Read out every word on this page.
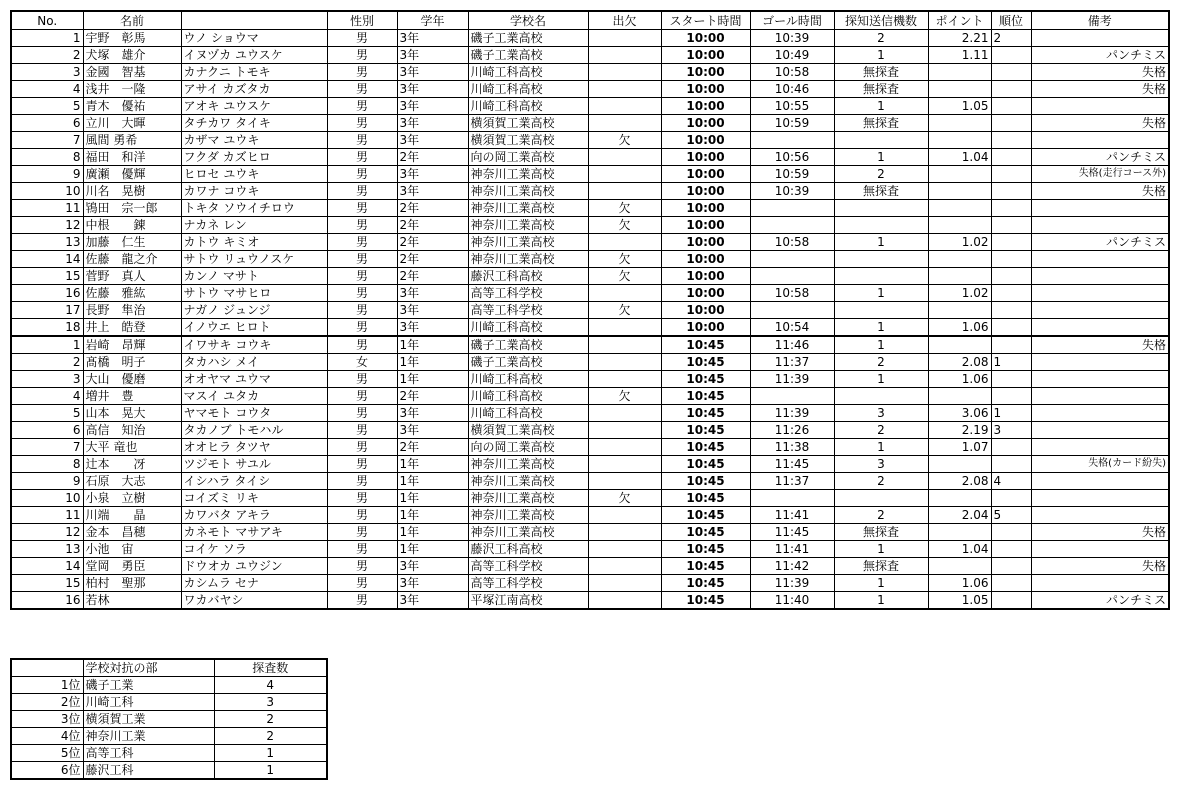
No.	名前		性別	学年	学校名	出欠	スタート時間	ゴール時間	探知送信機数	ポイント	順位	備考
1	宇野　彰馬	ウノ ショウマ	男	3年	磯子工業高校		10:00	10:39	2	2.21	2	
2	犬塚　雄介	イヌヅカ ユウスケ	男	3年	磯子工業高校		10:00	10:49	1	1.11		パンチミス
3	金國　智基	カナクニ トモキ	男	3年	川崎工科高校		10:00	10:58	無探査			失格
4	浅井　一隆	アサイ カズタカ	男	3年	川崎工科高校		10:00	10:46	無探査			失格
5	青木　優祐	アオキ ユウスケ	男	3年	川崎工科高校		10:00	10:55	1	1.05		
6	立川　大暉	タチカワ タイキ	男	3年	横須賀工業高校		10:00	10:59	無探査			失格
7	風間 勇希	カザマ ユウキ	男	3年	横須賀工業高校	欠	10:00					
8	福田　和洋	フクダ カズヒロ	男	2年	向の岡工業高校		10:00	10:56	1	1.04		パンチミス
9	廣瀬　優輝	ヒロセ ユウキ	男	3年	神奈川工業高校		10:00	10:59	2			失格(走行コース外)
10	川名　晃樹	カワナ コウキ	男	3年	神奈川工業高校		10:00	10:39	無探査			失格
11	鴇田　宗一郎	トキタ ソウイチロウ	男	2年	神奈川工業高校	欠	10:00					
12	中根　　錬	ナカネ レン	男	2年	神奈川工業高校	欠	10:00					
13	加藤　仁生	カトウ キミオ	男	2年	神奈川工業高校		10:00	10:58	1	1.02		パンチミス
14	佐藤　龍之介	サトウ リュウノスケ	男	2年	神奈川工業高校	欠	10:00					
15	菅野　真人	カンノ マサト	男	2年	藤沢工科高校	欠	10:00					
16	佐藤　雅紘	サトウ マサヒロ	男	3年	高等工科学校		10:00	10:58	1	1.02		
17	長野　隼治	ナガノ ジュンジ	男	3年	高等工科学校	欠	10:00					
18	井上　皓登	イノウエ ヒロト	男	3年	川崎工科高校		10:00	10:54	1	1.06		
1	岩崎　昂輝	イワサキ コウキ	男	1年	磯子工業高校		10:45	11:46	1			失格
2	髙橋　明子	タカハシ メイ	女	1年	磯子工業高校		10:45	11:37	2	2.08	1	
3	大山　優磨	オオヤマ ユウマ	男	1年	川崎工科高校		10:45	11:39	1	1.06		
4	増井　豊	マスイ ユタカ	男	2年	川崎工科高校	欠	10:45					
5	山本　晃大	ヤマモト コウタ	男	3年	川崎工科高校		10:45	11:39	3	3.06	1	
6	高信　知治	タカノブ トモハル	男	3年	横須賀工業高校		10:45	11:26	2	2.19	3	
7	大平 竜也	オオヒラ タツヤ	男	2年	向の岡工業高校		10:45	11:38	1	1.07		
8	辻本　　冴	ツジモト サユル	男	1年	神奈川工業高校		10:45	11:45	3			失格(カード紛失)
9	石原　大志	イシハラ タイシ	男	1年	神奈川工業高校		10:45	11:37	2	2.08	4	
10	小泉　立樹	コイズミ リキ	男	1年	神奈川工業高校	欠	10:45					
11	川端　　晶	カワバタ アキラ	男	1年	神奈川工業高校		10:45	11:41	2	2.04	5	
12	金本　昌穂	カネモト マサアキ	男	1年	神奈川工業高校		10:45	11:45	無探査			失格
13	小池　宙	コイケ ソラ	男	1年	藤沢工科高校		10:45	11:41	1	1.04		
14	堂岡　勇臣	ドウオカ ユウジン	男	3年	高等工科学校		10:45	11:42	無探査			失格
15	柏村　聖那	カシムラ セナ	男	3年	高等工科学校		10:45	11:39	1	1.06		
16	若林	ワカバヤシ	男	3年	平塚江南高校		10:45	11:40	1	1.05		パンチミス
	学校対抗の部	探査数
1位	磯子工業	4
2位	川崎工科	3
3位	横須賀工業	2
4位	神奈川工業	2
5位	高等工科	1
6位	藤沢工科	1
